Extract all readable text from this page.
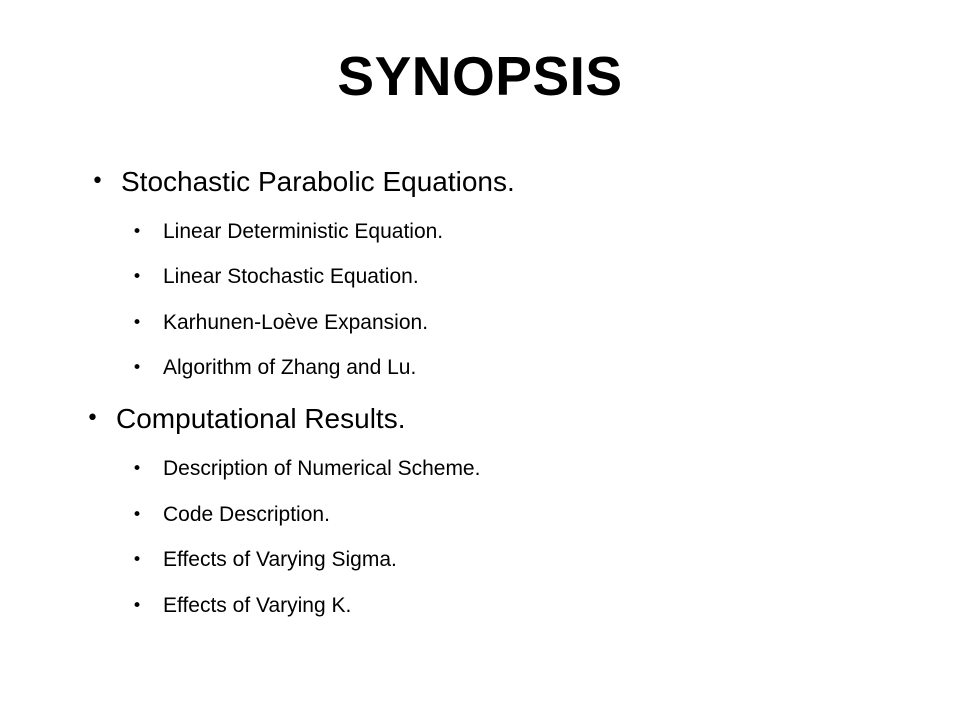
SYNOPSIS
• Stochastic Parabolic Equations.
• Linear Deterministic Equation.
• Linear Stochastic Equation.
• Karhunen-Loève Expansion.
• Algorithm of Zhang and Lu.
• Computational Results.
• Description of Numerical Scheme.
• Code Description.
• Effects of Varying Sigma.
• Effects of Varying K.
